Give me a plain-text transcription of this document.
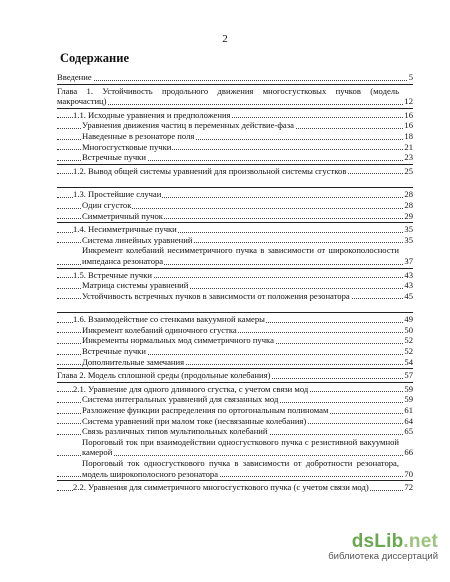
2
Содержание
Введение	5
Глава 1. Устойчивость продольного движения многосгустковых пучков (модель макрочастиц)	12
1.1. Исходные уравнения и предположения	16
Уравнения движения частиц в переменных действие-фаза	16
Наведенные в резонаторе поля	18
Многосгустковые пучки	21
Встречные пучки	23
1.2. Вывод общей системы уравнений для произвольной системы сгустков	25
1.3. Простейшие случаи	28
Один сгусток	28
Симметричный пучок	29
1.4. Несимметричные пучки	35
Система линейных уравнений	35
Инкремент колебаний несимметричного пучка в зависимости от широкополосности импеданса резонатора	37
1.5. Встречные пучки	43
Матрица системы уравнений	43
Устойчивость встречных пучков в зависимости от положения резонатора	45
1.6. Взаимодействие со стенками вакуумной камеры	49
Инкремент колебаний одиночного сгустка	50
Инкременты нормальных мод симметричного пучка	52
Встречные пучки	52
Дополнительные замечания	54
Глава 2. Модель сплошной среды (продольные колебания)	57
2.1. Уравнение для одного длинного сгустка, с учетом связи мод	59
Система интегральных уравнений для связанных мод	59
Разложение функции распределения по ортогональным полиномам	61
Система уравнений при малом токе (несвязанные колебания)	64
Связь различных типов мультипольных колебаний	65
Пороговый ток при взаимодействии односгусткового пучка с резистивной вакуумной камерой	66
Пороговый ток односгусткового пучка в зависимости от добротности резонатора, модель широкополосного резонатора	70
2.2. Уравнения для симметричного многосгусткового пучка (с учетом связи мод)	72
dsLib.net
библиотека диссертаций
